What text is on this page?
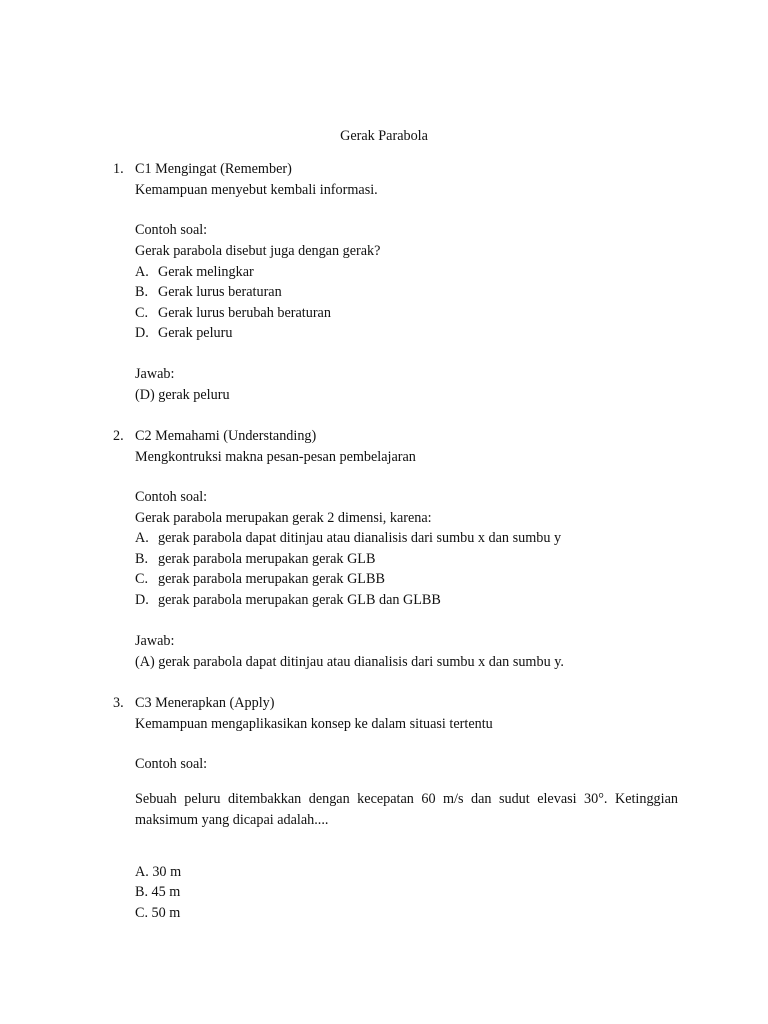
Gerak Parabola
1. C1 Mengingat (Remember)
Kemampuan menyebut kembali informasi.
Contoh soal:
Gerak parabola disebut juga dengan gerak?
A. Gerak melingkar
B. Gerak lurus beraturan
C. Gerak lurus berubah beraturan
D. Gerak peluru
Jawab:
(D) gerak peluru
2. C2 Memahami (Understanding)
Mengkontruksi makna pesan-pesan pembelajaran
Contoh soal:
Gerak parabola merupakan gerak 2 dimensi, karena:
A. gerak parabola dapat ditinjau atau dianalisis dari sumbu x dan sumbu y
B. gerak parabola merupakan gerak GLB
C. gerak parabola merupakan gerak GLBB
D. gerak parabola merupakan gerak GLB dan GLBB
Jawab:
(A) gerak parabola dapat ditinjau atau dianalisis dari sumbu x dan sumbu y.
3. C3 Menerapkan (Apply)
Kemampuan mengaplikasikan konsep ke dalam situasi tertentu
Contoh soal:
Sebuah peluru ditembakkan dengan kecepatan 60 m/s dan sudut elevasi 30°. Ketinggian maksimum yang dicapai adalah....
A. 30 m
B. 45 m
C. 50 m
